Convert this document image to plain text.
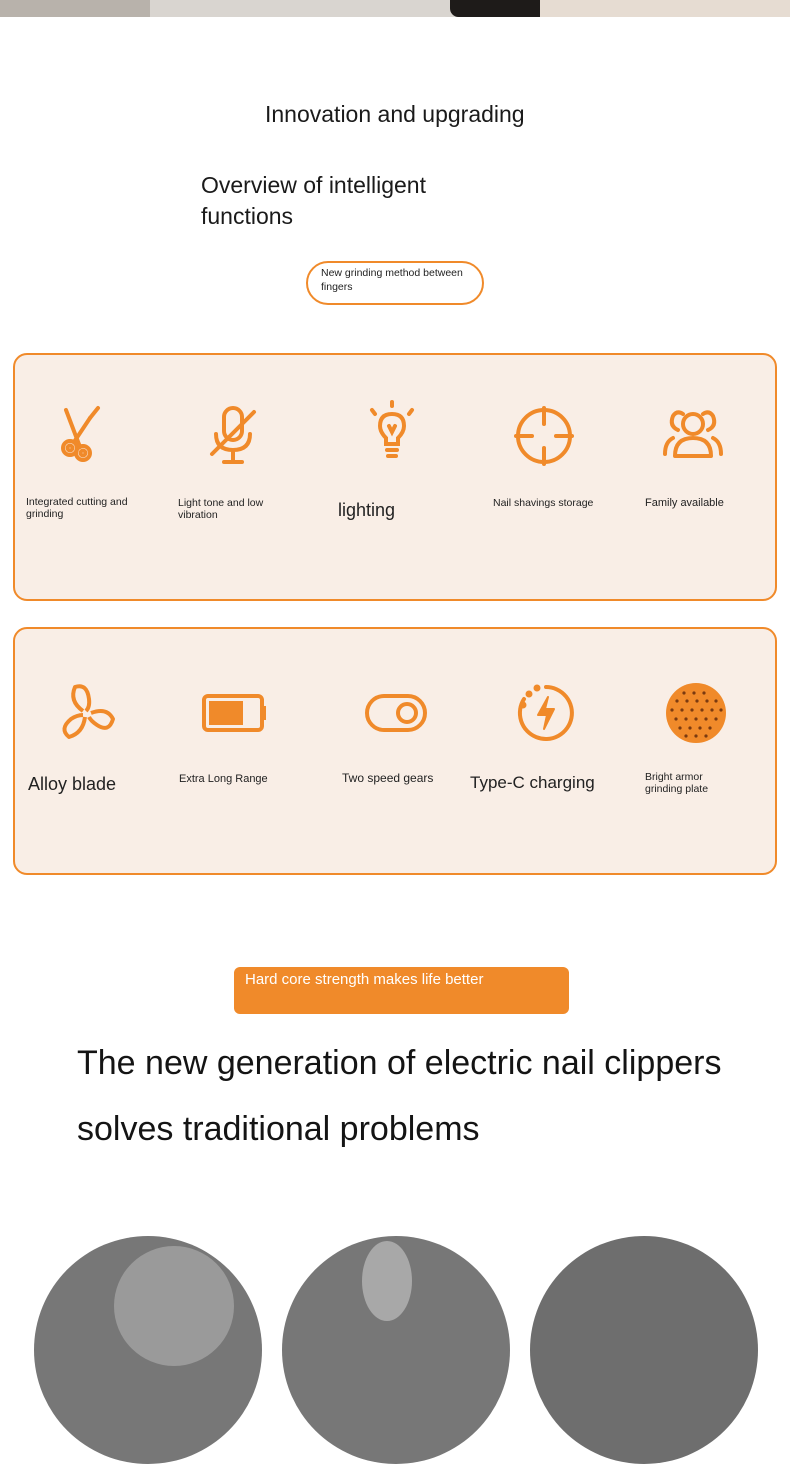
Innovation and upgrading
Overview of intelligent functions
New grinding method between fingers
Integrated cutting and grinding
Light tone and low vibration	lighting	Nail shavings storage	Family available
Alloy blade	Extra Long Range	Two speed gears	Type-C charging	Bright armor grinding plate
Hard core strength makes life better
The new generation of electric nail clippers solves traditional problems
